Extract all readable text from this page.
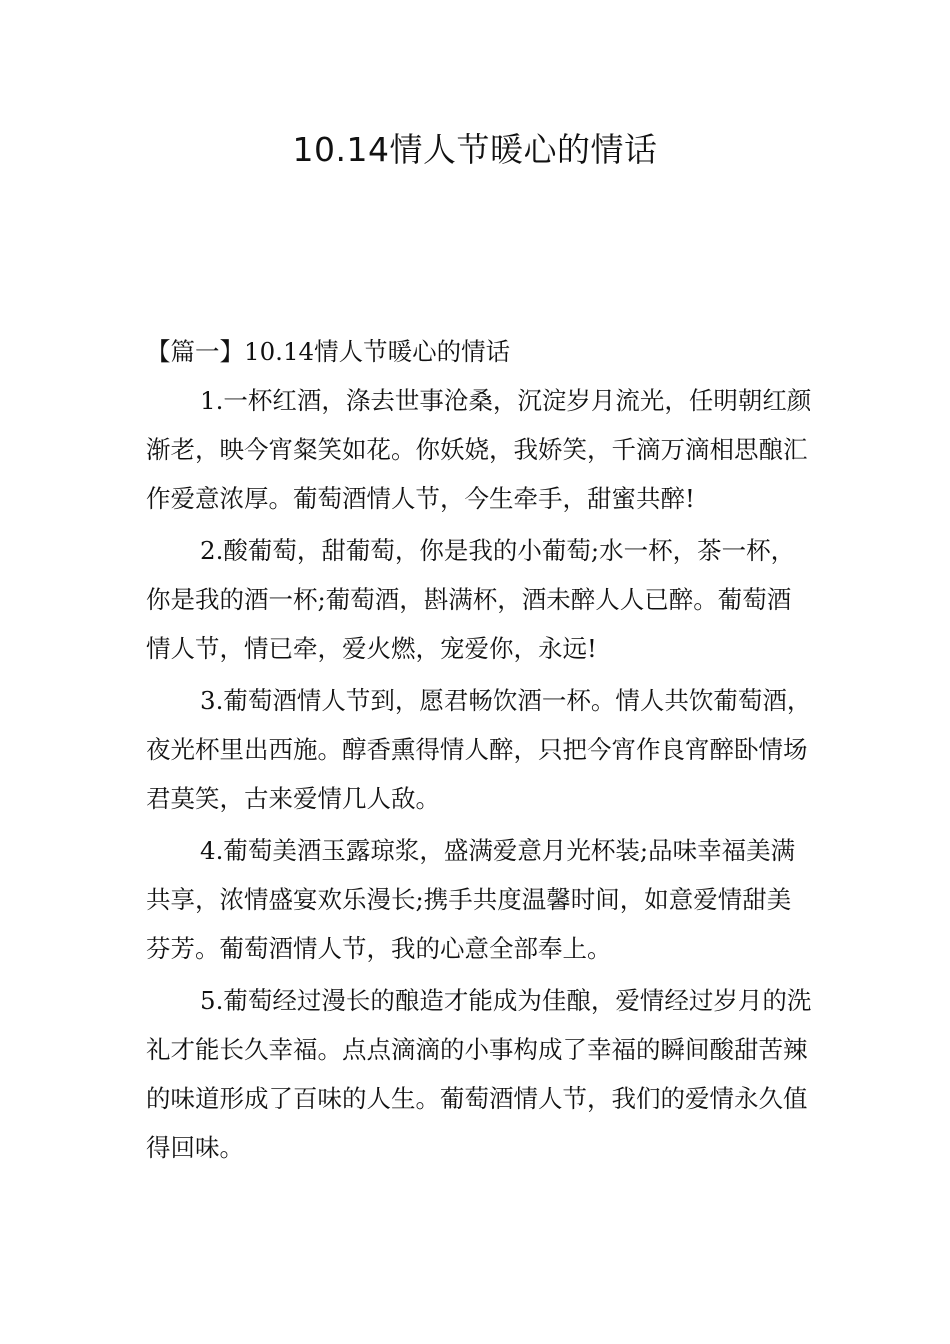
10.14情人节暖心的情话
【篇一】10.14情人节暖心的情话

1.一杯红酒，涤去世事沧桑，沉淀岁月流光，任明朝红颜渐老，映今宵粲笑如花。你妖娆，我娇笑，千滴万滴相思酿汇作爱意浓厚。葡萄酒情人节，今生牵手，甜蜜共醉!

2.酸葡萄，甜葡萄，你是我的小葡萄;水一杯，茶一杯，你是我的酒一杯;葡萄酒，斟满杯，酒未醉人人已醉。葡萄酒情人节，情已牵，爱火燃，宠爱你，永远!

3.葡萄酒情人节到，愿君畅饮酒一杯。情人共饮葡萄酒，夜光杯里出西施。醇香熏得情人醉，只把今宵作良宵醉卧情场君莫笑，古来爱情几人敌。

4.葡萄美酒玉露琼浆，盛满爱意月光杯装;品味幸福美满共享，浓情盛宴欢乐漫长;携手共度温馨时间，如意爱情甜美芬芳。葡萄酒情人节，我的心意全部奉上。

5.葡萄经过漫长的酿造才能成为佳酿，爱情经过岁月的洗礼才能长久幸福。点点滴滴的小事构成了幸福的瞬间酸甜苦辣的味道形成了百味的人生。葡萄酒情人节，我们的爱情永久值得回味。
